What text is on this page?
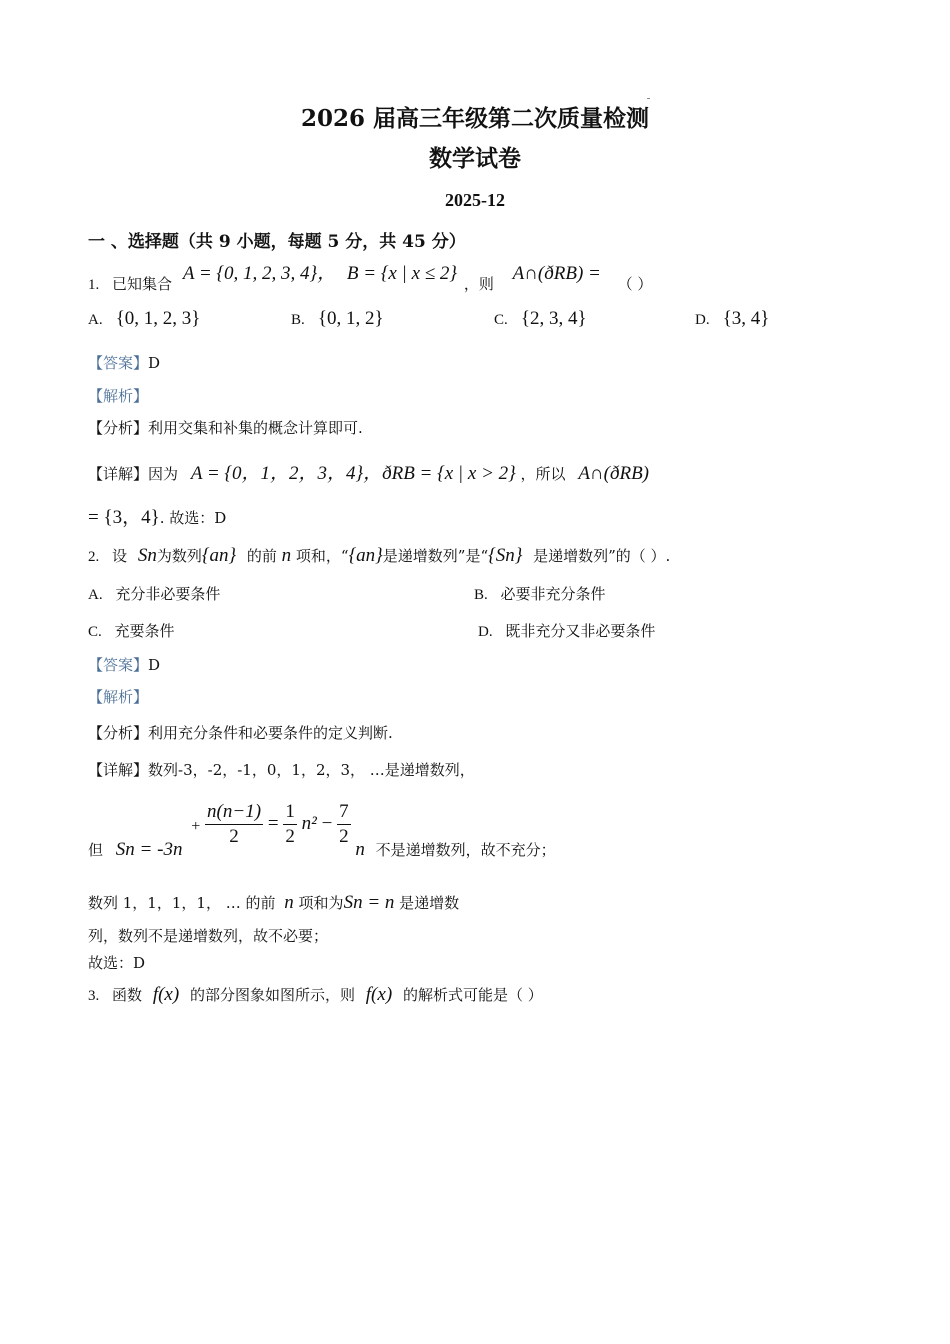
2026 届高三年级第二次质量检测
数学试卷
2025-12
一 、选择题（共 9 小题，每题 5 分，共 45 分）
1. 已知集合 A = {0, 1, 2, 3, 4}， B = {x | x ≤ 2} ，则 A∩(ðRB) = （ ）
A. {0, 1, 2, 3}	B. {0, 1, 2}	C. {2, 3, 4}	D. {3, 4}
【答案】D
【解析】
【分析】利用交集和补集的概念计算即可.
【详解】因为 A = {0，1，2，3，4}，ðRB = {x | x > 2} ，所以 A∩(ðRB)
= {3，4}. 故选：D
2. 设 Sn为数列{an} 的前 n 项和，“{an}是递增数列”是“{Sn} 是递增数列”的（ ）.
A. 充分非必要条件	B. 必要非充分条件
C. 充要条件	D. 既非充分又非必要条件
【答案】D
【解析】
【分析】利用充分条件和必要条件的定义判断.
【详解】数列-3，-2，-1，0，1，2，3， …是递增数列，
但 $Sn = -3n + \frac{n(n-1)}{2} = \frac{1}{2} n^2 - \frac{7}{2}$ n 不是递增数列，故不充分；
数列 1，1，1，1， … 的前 n 项和为Sn = n 是递增数
列，数列不是递增数列，故不必要；
故选：D
3. 函数 f(x) 的部分图象如图所示，则 f(x) 的解析式可能是（ ）
